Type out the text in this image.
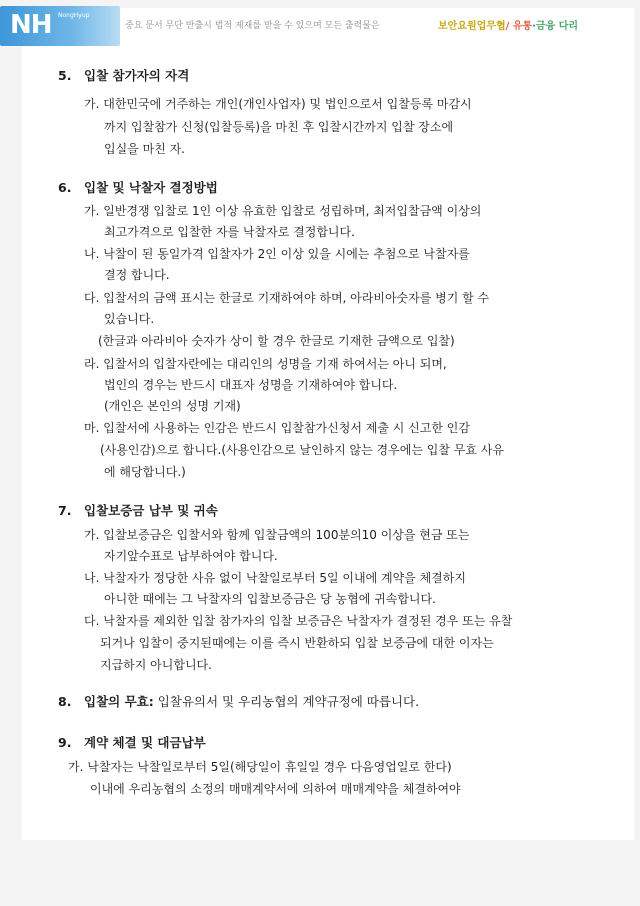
NH NongHyup
중요 문서 무단 반출시 법적 제재를 받을 수 있으며 모든 출력물은	보안요원업무협/ 유통·금융 다리
5. 입찰 참가자의 자격
가. 대한민국에 거주하는 개인(개인사업자) 및 법인으로서 입찰등록 마감시
까지 입찰참가 신청(입찰등록)을 마친 후 입찰시간까지 입찰 장소에
입실을 마친 자.
6. 입찰 및 낙찰자 결정방법
가. 일반경쟁 입찰로 1인 이상 유효한 입찰로 성립하며, 최저입찰금액 이상의
최고가격으로 입찰한 자를 낙찰자로 결정합니다.
나. 낙찰이 된 동일가격 입찰자가 2인 이상 있을 시에는 추첨으로 낙찰자를
결정 합니다.
다. 입찰서의 금액 표시는 한글로 기재하여야 하며, 아라비아숫자를 병기 할 수
있습니다.
(한글과 아라비아 숫자가 상이 할 경우 한글로 기재한 금액으로 입찰)
라. 입찰서의 입찰자란에는 대리인의 성명을 기재 하여서는 아니 되며,
법인의 경우는 반드시 대표자 성명을 기재하여야 합니다.
(개인은 본인의 성명 기재)
마. 입찰서에 사용하는 인감은 반드시 입찰참가신청서 제출 시 신고한 인감
(사용인감)으로 합니다.(사용인감으로 날인하지 않는 경우에는 입찰 무효 사유
에 해당합니다.)
7. 입찰보증금 납부 및 귀속
가. 입찰보증금은 입찰서와 함께 입찰금액의 100분의10 이상을 현금 또는
자기앞수표로 납부하여야 합니다.
나. 낙찰자가 정당한 사유 없이 낙찰일로부터 5일 이내에 계약을 체결하지
아니한 때에는 그 낙찰자의 입찰보증금은 당 농협에 귀속합니다.
다. 낙찰자를 제외한 입찰 참가자의 입찰 보증금은 낙찰자가 결정된 경우 또는 유찰
되거나 입찰이 중지된때에는 이를 즉시 반환하되 입찰 보증금에 대한 이자는
지급하지 아니합니다.
8. 입찰의 무효: 입찰유의서 및 우리농협의 계약규정에 따릅니다.
9. 계약 체결 및 대금납부
가. 낙찰자는 낙찰일로부터 5일(해당일이 휴일일 경우 다음영업일로 한다)
이내에 우리농협의 소정의 매매계약서에 의하여 매매계약을 체결하여야
